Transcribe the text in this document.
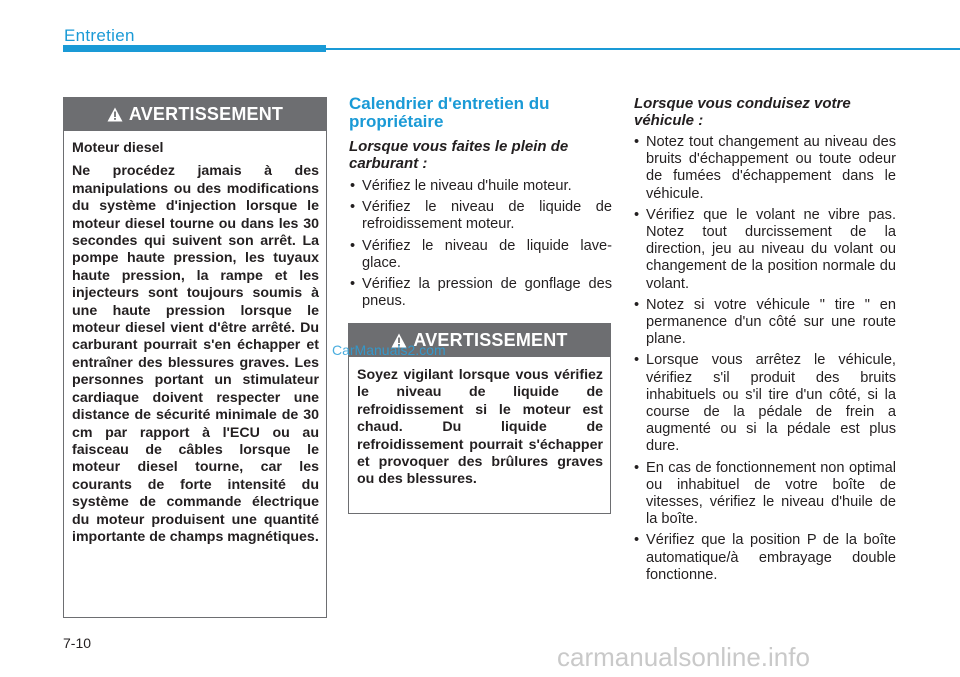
Entretien
AVERTISSEMENT
Moteur diesel
Ne procédez jamais à des manipulations ou des modifications du système d'injection lorsque le moteur diesel tourne ou dans les 30 secondes qui suivent son arrêt. La pompe haute pression, les tuyaux haute pression, la rampe et les injecteurs sont toujours soumis à une haute pression lorsque le moteur diesel vient d'être arrêté. Du carburant pourrait s'en échapper et entraîner des blessures graves. Les personnes portant un stimulateur cardiaque doivent respecter une distance de sécurité minimale de 30 cm par rapport à l'ECU ou au faisceau de câbles lorsque le moteur diesel tourne, car les courants de forte intensité du système de commande électrique du moteur produisent une quantité importante de champs magnétiques.
Calendrier d'entretien du propriétaire
Lorsque vous faites le plein de carburant :
• Vérifiez le niveau d'huile moteur.
• Vérifiez le niveau de liquide de refroidissement moteur.
• Vérifiez le niveau de liquide lave-glace.
• Vérifiez la pression de gonflage des pneus.
AVERTISSEMENT
Soyez vigilant lorsque vous vérifiez le niveau de liquide de refroidissement si le moteur est chaud. Du liquide de refroidissement pourrait s'échapper et provoquer des brûlures graves ou des blessures.
Lorsque vous conduisez votre véhicule :
• Notez tout changement au niveau des bruits d'échappement ou toute odeur de fumées d'échappement dans le véhicule.
• Vérifiez que le volant ne vibre pas. Notez tout durcissement de la direction, jeu au niveau du volant ou changement de la position normale du volant.
• Notez si votre véhicule " tire " en permanence d'un côté sur une route plane.
• Lorsque vous arrêtez le véhicule, vérifiez s'il produit des bruits inhabituels ou s'il tire d'un côté, si la course de la pédale de frein a augmenté ou si la pédale est plus dure.
• En cas de fonctionnement non optimal ou inhabituel de votre boîte de vitesses, vérifiez le niveau d'huile de la boîte.
• Vérifiez que la position P de la boîte automatique/à embrayage double fonctionne.
7-10
CarManuals2.com
carmanualsonline.info
